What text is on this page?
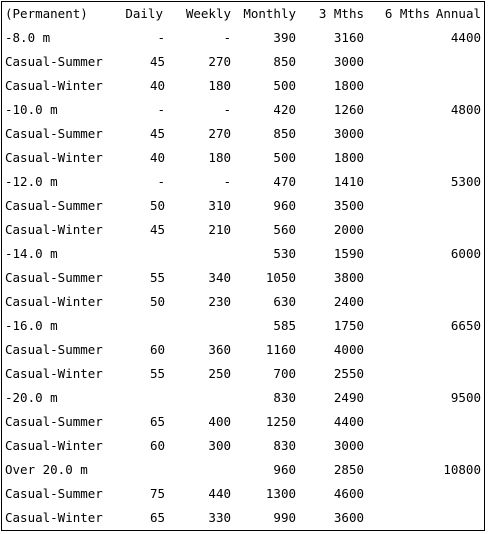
(Permanent)	Daily	Weekly	Monthly	3 Mths	6 Mths	Annual
-8.0 m	-	-	390	3160		4400
Casual-Summer	45	270	850	3000		
Casual-Winter	40	180	500	1800		
-10.0 m	-	-	420	1260		4800
Casual-Summer	45	270	850	3000		
Casual-Winter	40	180	500	1800		
-12.0 m	-	-	470	1410		5300
Casual-Summer	50	310	960	3500		
Casual-Winter	45	210	560	2000		
-14.0 m			530	1590		6000
Casual-Summer	55	340	1050	3800		
Casual-Winter	50	230	630	2400		
-16.0 m			585	1750		6650
Casual-Summer	60	360	1160	4000		
Casual-Winter	55	250	700	2550		
-20.0 m			830	2490		9500
Casual-Summer	65	400	1250	4400		
Casual-Winter	60	300	830	3000		
Over 20.0 m			960	2850		10800
Casual-Summer	75	440	1300	4600		
Casual-Winter	65	330	990	3600		
